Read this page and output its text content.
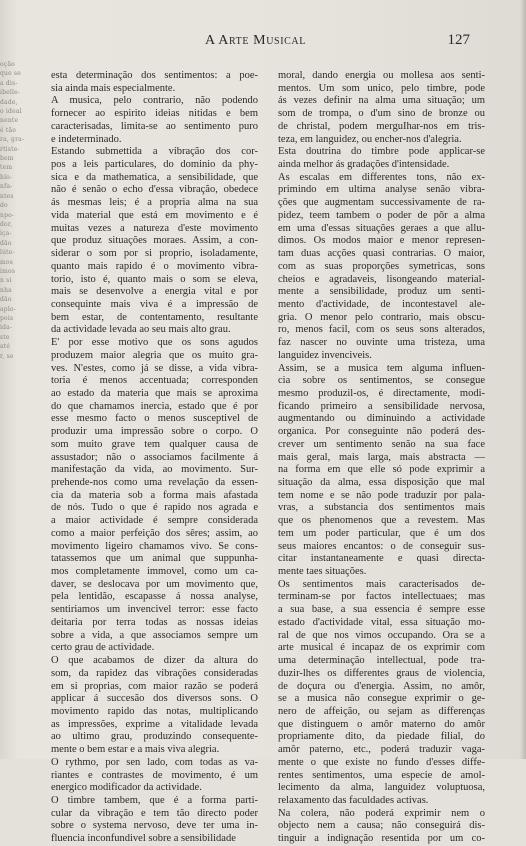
oção
que se
a dis-
ibelle-
dade,
o ideal
nente
é tão
ra, gra-
rtiste-
bem
tem
hlo-
nfa-
ntes
do
npo-
dor,
iça-
dão
lúte-
mos
imos
n si
nha
dão
aplo-
pois
ida-
ste
até
r, se
A Arte Musical	127
esta determinação dos sentimentos: a poe-
sia ainda mais especialmente.
A musica, pelo contrario, não podendo
fornecer ao espirito ideias nitidas e bem
caracterisadas, limita-se ao sentimento puro
e indeterminado.
Estando submettida a vibração dos cor-
pos a leis particulares, do dominio da phy-
sica e da mathematica, a sensibilidade, que
não é senão o echo d'essa vibração, obedece
ás mesmas leis; é a propria alma na sua
vida material que está em movimento e é
muitas vezes a natureza d'este movimento
que produz situações moraes. Assim, a con-
siderar o som por si proprio, isoladamente,
quanto mais rapido é o movimento vibra-
torio, isto é, quanto mais o som se eleva,
mais se desenvolve a energia vital e por
consequinte mais viva é a impressão de
bem estar, de contentamento, resultante
da actividade levada ao seu mais alto grau.
E' por esse motivo que os sons agudos
produzem maior alegria que os muito gra-
ves. N'estes, como já se disse, a vida vibra-
toria é menos accentuada; corresponden
ao estado da materia que mais se aproxima
do que chamamos inercia, estado que é por
esse mesmo facto o menos susceptivel de
produzir uma impressão sobre o corpo. O
som muito grave tem qualquer causa de
assustador; não o associamos facilmente á
manifestação da vida, ao movimento. Sur-
prehende-nos como uma revelação da essen-
cia da materia sob a forma mais afastada
de nós. Tudo o que é rapido nos agrada e
a maior actividade é sempre considerada
como a maior perfeição dos sêres; assim, ao
movimento ligeiro chamamos vivo. Se cons-
tatassemos que um animal que suppunha-
mos completamente immovel, como um ca-
daver, se deslocava por um movimento que,
pela lentidão, escapasse á nossa analyse,
sentiriamos um invencivel terror: esse facto
deitaria por terra todas as nossas ideias
sobre a vida, a que associamos sempre um
certo grau de actividade.
O que acabamos de dizer da altura do
som, da rapidez das vibrações consideradas
em si proprias, com maior razão se poderá
applicar á succesão dos diversos sons. O
movimento rapido das notas, multiplicando
as impressões, exprime a vitalidade levada
ao ultimo grau, produzindo consequente-
mente o bem estar e a mais viva alegria.
O rythmo, por sen lado, com todas as va-
riantes e contrastes de movimento, é um
energico modificador da actividade.
O timbre tambem, que é a forma parti-
cular da vibração e tem tão directo poder
sobre o systema nervoso, deve ter uma in-
fluencia inconfundivel sobre a sensibilidade
moral, dando energia ou mollesa aos senti-
mentos. Um som unico, pelo timbre, pode
ás vezes definir na alma uma situação; um
som de trompa, o d'um sino de bronze ou
de christal, podem merguIhar-nos em tris-
teza, em languidez, ou encher-nos d'alegria.
Esta doutrina do timbre pode applicar-se
ainda melhor ás gradações d'intensidade.
As escalas em differentes tons, não ex-
primindo em ultima analyse senão vibra-
ções que augmentam successivamente de ra-
pidez, teem tambem o poder de pôr a alma
em uma d'essas situações geraes a que allu-
dimos. Os modos maior e menor represen-
tam duas acções quasi contrarias. O maior,
com as suas proporções symetricas, sons
cheios e agradaveis, lisongeando material-
mente a sensibilidade, produz um senti-
mento d'actividade, de incontestavel ale-
gria. O menor pelo contrario, mais obscu-
ro, menos facil, com os seus sons alterados,
faz nascer no ouvinte uma tristeza, uma
languidez invenciveis.
Assim, se a musica tem alguma influen-
cia sobre os sentimentos, se consegue
mesmo produzil-os, é directamente, modi-
ficando primeiro a sensibilidade nervosa,
augmentando ou diminuindo a actividade
organica. Por conseguinte não poderá des-
crever um sentimento senão na sua face
mais geral, mais larga, mais abstracta —
na forma em que elle só pode exprimir a
situação da alma, essa disposição que mal
tem nome e se não pode traduzir por pala-
vras, a substancia dos sentimentos mais
que os phenomenos que a revestem. Mas
tem um poder particular, que é um dos
seus maiores encantos: o de conseguir sus-
citar instantaneamente e quasi directa-
mente taes situações.
Os sentimentos mais caracterisados de-
terminam-se por factos intellectuaes; mas
a sua base, a sua essencia é sempre esse
estado d'actividade vital, essa situação mo-
ral de que nos vimos occupando. Ora se a
arte musical é incapaz de os exprimir com
uma determinação intellectual, pode tra-
duzir-lhes os differentes graus de violencia,
de doçura ou d'energia. Assim, no amôr,
se a musica não consegue exprimir o ge-
nero de affeição, ou sejam as differenças
que distinguem o amôr materno do amôr
propriamente dito, da piedade filial, do
amôr paterno, etc., poderá traduzir vaga-
mente o que existe no fundo d'esses diffe-
rentes sentimentos, uma especie de amol-
lecimento da alma, languidez voluptuosa,
relaxamento das faculdades activas.
Na colera, não poderá exprimir nem o
objecto nem a causa; não conseguirá dis-
tinguir a indignação resentida por um co-
